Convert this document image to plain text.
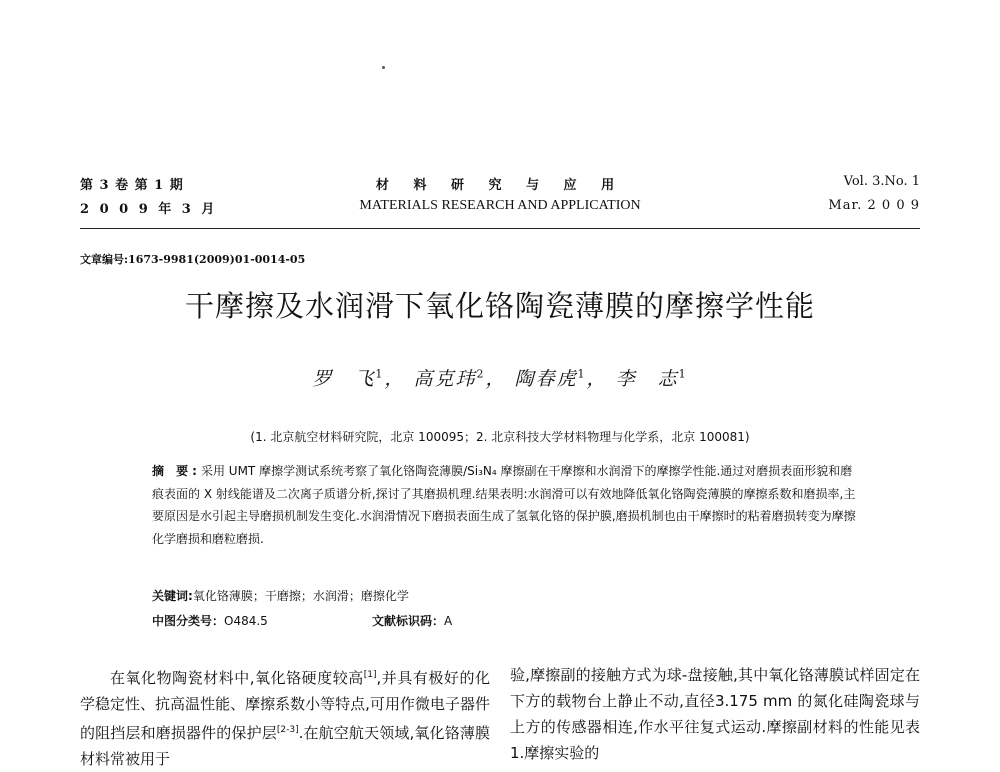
第 3 卷 第 1 期
2 0 0 9 年 3 月
材 料 研 究 与 应 用
MATERIALS RESEARCH AND APPLICATION
Vol. 3.No. 1
Mar. 2 0 0 9
文章编号:1673-9981(2009)01-0014-05
干摩擦及水润滑下氧化铬陶瓷薄膜的摩擦学性能
罗　飞$^1$， 高克玮$^2$， 陶春虎$^1$， 李　志$^1$
(1. 北京航空材料研究院，北京 100095；2. 北京科技大学材料物理与化学系，北京 100081)
摘 要:采用 UMT 摩擦学测试系统考察了氧化铬陶瓷薄膜/Si₃N₄ 摩擦副在干摩擦和水润滑下的摩擦学性能.通过对磨损表面形貌和磨痕表面的 X 射线能谱及二次离子质谱分析,探讨了其磨损机理.结果表明:水润滑可以有效地降低氧化铬陶瓷薄膜的摩擦系数和磨损率,主要原因是水引起主导磨损机制发生变化.水润滑情况下磨损表面生成了氢氧化铬的保护膜,磨损机制也由干摩擦时的粘着磨损转变为摩擦化学磨损和磨粒磨损.
关键词:氧化铬薄膜；干磨擦；水润滑；磨擦化学
中图分类号：O484.5	文献标识码：A
在氧化物陶瓷材料中,氧化铬硬度较高[1],并具有极好的化学稳定性、抗高温性能、摩擦系数小等特点,可用作微电子器件的阻挡层和磨损器件的保护层[2-3].在航空航天领域,氧化铬薄膜材料常被用于
验,摩擦副的接触方式为球-盘接触,其中氧化铬薄膜试样固定在下方的载物台上静止不动,直径3.175 mm 的氮化硅陶瓷球与上方的传感器相连,作水平往复式运动.摩擦副材料的性能见表 1.摩擦实验的
